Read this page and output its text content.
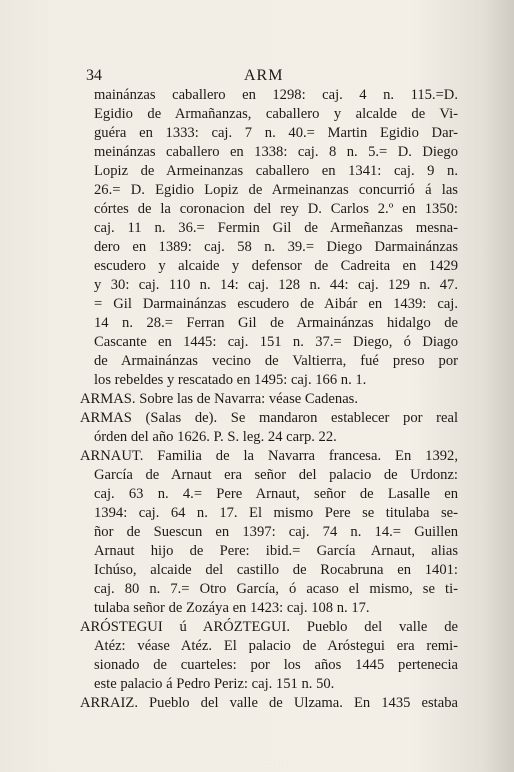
34	ARM
mainánzas caballero en 1298: caj. 4 n. 115.=D.
Egidio de Armañanzas, caballero y alcalde de Vi-
guéra en 1333: caj. 7 n. 40.= Martin Egidio Dar-
meinánzas caballero en 1338: caj. 8 n. 5.= D. Diego
Lopiz de Armeinanzas caballero en 1341: caj. 9 n.
26.= D. Egidio Lopiz de Armeinanzas concurrió á las
córtes de la coronacion del rey D. Carlos 2.º en 1350:
caj. 11 n. 36.= Fermin Gil de Armeñanzas mesna-
dero en 1389: caj. 58 n. 39.= Diego Darmainánzas
escudero y alcaide y defensor de Cadreita en 1429
y 30: caj. 110 n. 14: caj. 128 n. 44: caj. 129 n. 47.
= Gil Darmainánzas escudero de Aibár en 1439: caj.
14 n. 28.= Ferran Gil de Armainánzas hidalgo de
Cascante en 1445: caj. 151 n. 37.= Diego, ó Diago
de Armainánzas vecino de Valtierra, fué preso por
los rebeldes y rescatado en 1495: caj. 166 n. 1.
ARMAS. Sobre las de Navarra: véase Cadenas.
ARMAS (Salas de). Se mandaron establecer por real
órden del año 1626. P. S. leg. 24 carp. 22.
ARNAUT. Familia de la Navarra francesa. En 1392,
García de Arnaut era señor del palacio de Urdonz:
caj. 63 n. 4.= Pere Arnaut, señor de Lasalle en
1394: caj. 64 n. 17. El mismo Pere se titulaba se-
ñor de Suescun en 1397: caj. 74 n. 14.= Guillen
Arnaut hijo de Pere: ibid.= García Arnaut, alias
Ichúso, alcaide del castillo de Rocabruna en 1401:
caj. 80 n. 7.= Otro García, ó acaso el mismo, se ti-
tulaba señor de Zozáya en 1423: caj. 108 n. 17.
ARÓSTEGUI ú ARÓZTEGUI. Pueblo del valle de
Atéz: véase Atéz. El palacio de Aróstegui era remi-
sionado de cuarteles: por los años 1445 pertenecia
este palacio á Pedro Periz: caj. 151 n. 50.
ARRAIZ. Pueblo del valle de Ulzama. En 1435 estaba
